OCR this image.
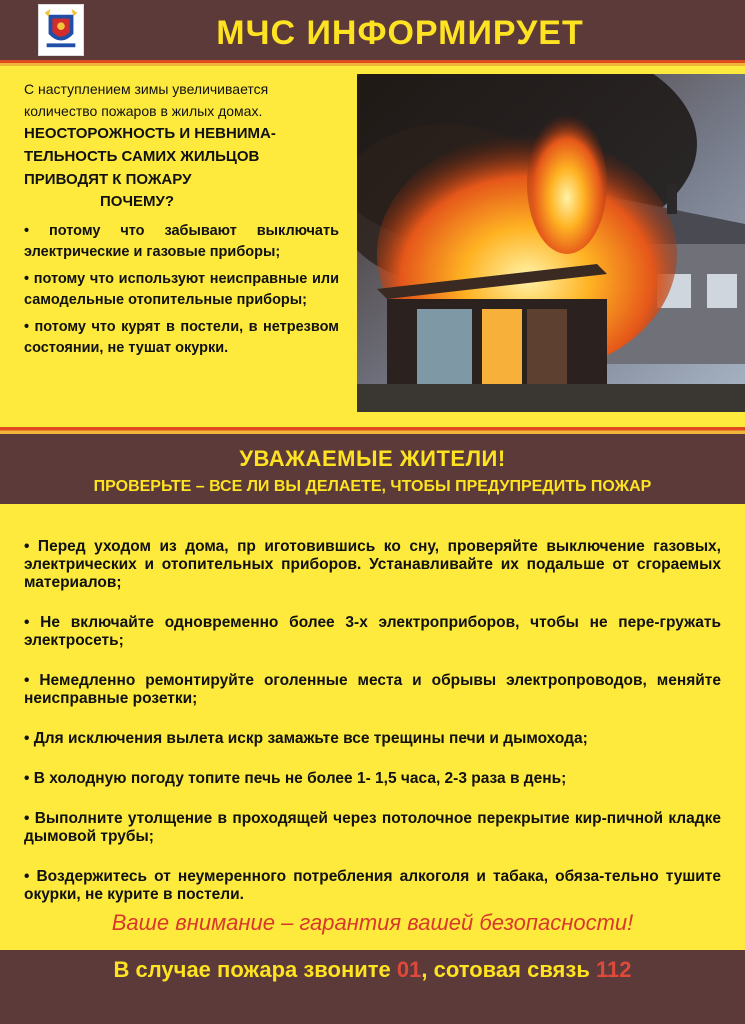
МЧС ИНФОРМИРУЕТ
С наступлением зимы увеличивается
количество пожаров в жилых домах.
НЕОСТОРОЖНОСТЬ И НЕВНИМА-
ТЕЛЬНОСТЬ САМИХ ЖИЛЬЦОВ
ПРИВОДЯТ К ПОЖАРУ
ПОЧЕМУ?
• потому что забывают выключать электрические и газовые приборы;
• потому что используют неисправные или самодельные отопительные приборы;
• потому что курят в постели, в нетрезвом состоянии, не тушат окурки.
УВАЖАЕМЫЕ ЖИТЕЛИ!
ПРОВЕРЬТЕ – ВСЕ ЛИ ВЫ ДЕЛАЕТЕ, ЧТОБЫ ПРЕДУПРЕДИТЬ ПОЖАР
• Перед уходом из дома, пр иготовившись ко сну, проверяйте выключение газовых, электрических и отопительных приборов. Устанавливайте их подальше от сгораемых материалов;
• Не включайте одновременно более 3-х электроприборов, чтобы не пере-гружать электросеть;
• Немедленно ремонтируйте оголенные места и обрывы электропроводов, меняйте неисправные розетки;
• Для исключения вылета искр замажьте все трещины печи и дымохода;
• В холодную погоду топите печь не более 1- 1,5 часа, 2-3 раза в день;
• Выполните утолщение в проходящей через потолочное перекрытие кир-пичной кладке дымовой трубы;
• Воздержитесь от неумеренного потребления алкоголя и табака, обяза-тельно тушите окурки, не курите в постели.
Ваше внимание – гарантия вашей безопасности!
В случае пожара звоните 01, сотовая связь 112
